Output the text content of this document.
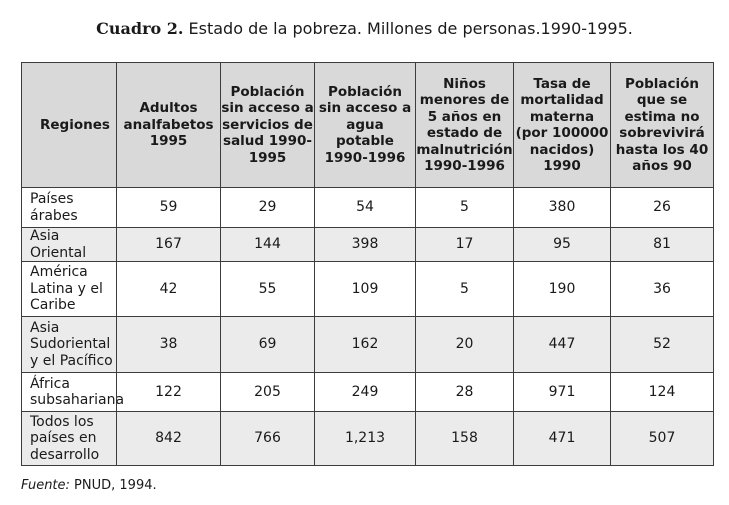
Cuadro 2. Estado de la pobreza. Millones de personas.1990-1995.
Regiones	Adultos analfabetos 1995	Población sin acceso a servicios de salud 1990-1995	Población sin acceso a agua potable 1990-1996	Niños menores de 5 años en estado de malnutrición 1990-1996	Tasa de mortalidad materna (por 100000 nacidos) 1990	Población que se estima no sobrevivirá hasta los 40 años 90
Países árabes	59	29	54	5	380	26
Asia Oriental	167	144	398	17	95	81
América Latina y el Caribe	42	55	109	5	190	36
Asia Sudoriental y el Pacífico	38	69	162	20	447	52
África subsahariana	122	205	249	28	971	124
Todos los países en desarrollo	842	766	1,213	158	471	507
Fuente: PNUD, 1994.
